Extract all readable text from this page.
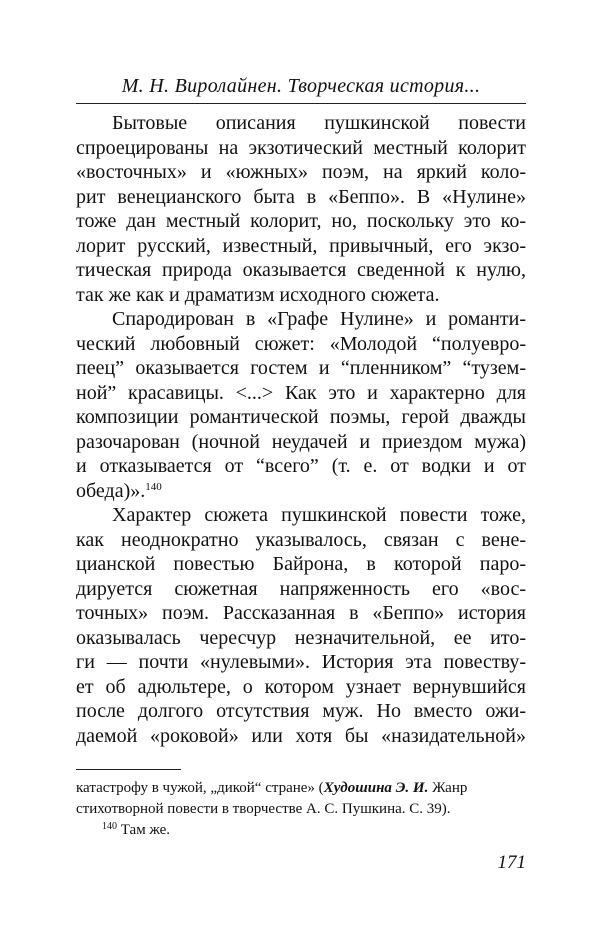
М. Н. Виролайнен. Творческая история...
Бытовые описания пушкинской повести
спроецированы на экзотический местный колорит
«восточных» и «южных» поэм, на яркий коло-
рит венецианского быта в «Беппо». В «Нулине»
тоже дан местный колорит, но, поскольку это ко-
лорит русский, известный, привычный, его экзо-
тическая природа оказывается сведенной к нулю,
так же как и драматизм исходного сюжета.
Спародирован в «Графе Нулине» и романти-
ческий любовный сюжет: «Молодой “полуевро-
пеец” оказывается гостем и “пленником” “тузем-
ной” красавицы. <...> Как это и характерно для
композиции романтической поэмы, герой дважды
разочарован (ночной неудачей и приездом мужа)
и отказывается от “всего” (т. е. от водки и от
обеда)».$^{140}$
Характер сюжета пушкинской повести тоже,
как неоднократно указывалось, связан с вене-
цианской повестью Байрона, в которой паро-
дируется сюжетная напряженность его «вос-
точных» поэм. Рассказанная в «Беппо» история
оказывалась чересчур незначительной, ее ито-
ги — почти «нулевыми». История эта повеству-
ет об адюльтере, о котором узнает вернувшийся
после долгого отсутствия муж. Но вместо ожи-
даемой «роковой» или хотя бы «назидательной»
катастрофу в чужой, „дикой“ стране» (Худошина Э. И. Жанр
стихотворной повести в творчестве А. С. Пушкина. С. 39).
$^{140}$ Там же.
171
